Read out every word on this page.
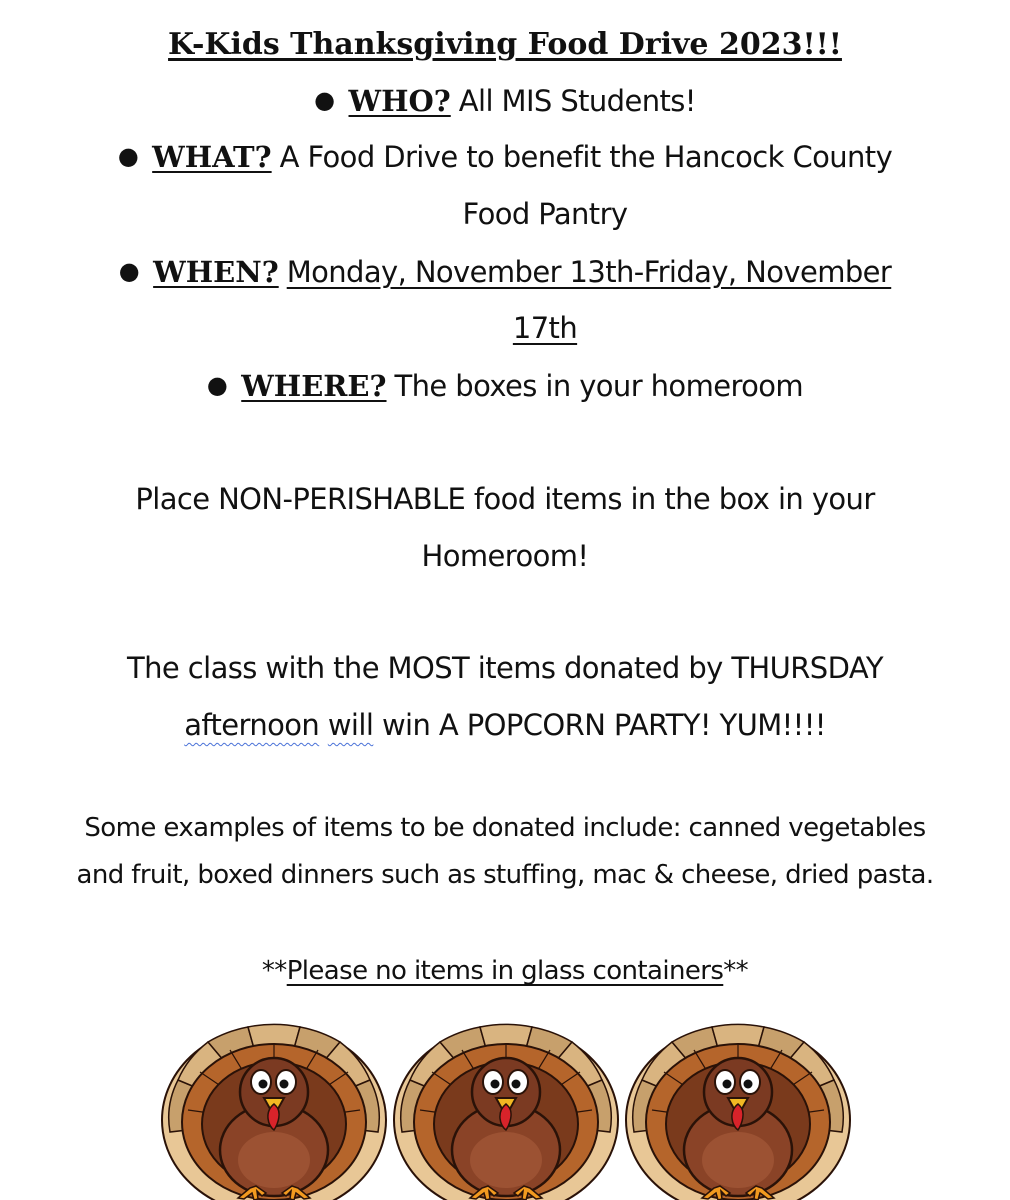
K-Kids Thanksgiving Food Drive 2023!!!
● WHO? All MIS Students!
● WHAT? A Food Drive to benefit the Hancock County
Food Pantry
● WHEN? Monday, November 13th-Friday, November
17th
● WHERE? The boxes in your homeroom
Place NON-PERISHABLE food items in the box in your
Homeroom!
The class with the MOST items donated by THURSDAY
afternoon will win A POPCORN PARTY! YUM!!!!
Some examples of items to be donated include: canned vegetables
and fruit, boxed dinners such as stuffing, mac & cheese, dried pasta.
**Please no items in glass containers**
